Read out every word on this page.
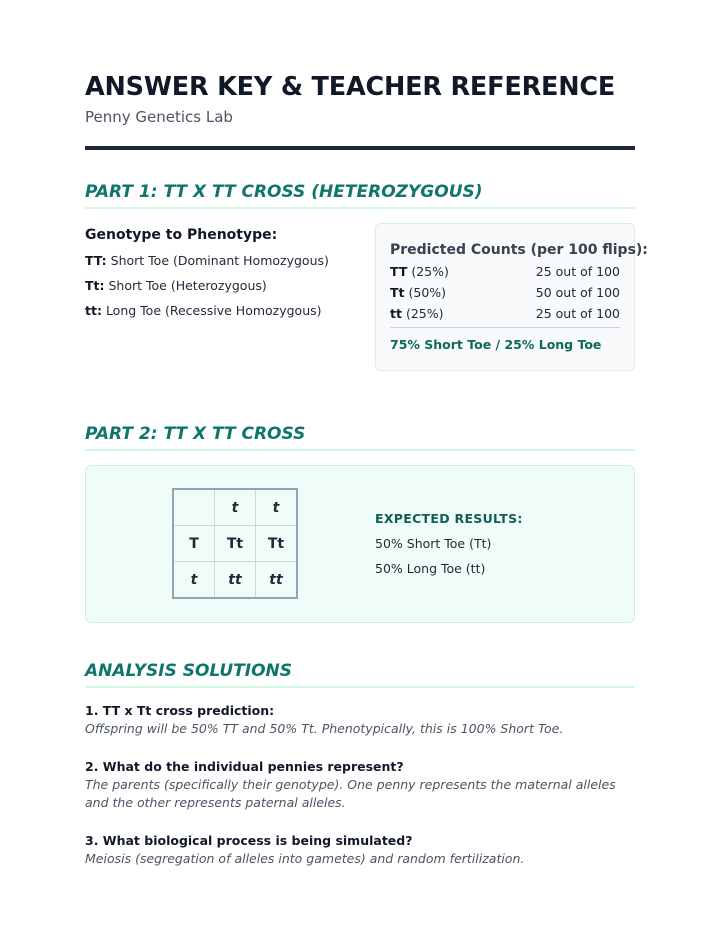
ANSWER KEY & TEACHER REFERENCE
Penny Genetics Lab
PART 1: TT X TT CROSS (HETEROZYGOUS)
Genotype to Phenotype:
TT: Short Toe (Dominant Homozygous)
Tt: Short Toe (Heterozygous)
tt: Long Toe (Recessive Homozygous)
Predicted Counts (per 100 flips):
TT (25%)	25 out of 100
Tt (50%)	50 out of 100
tt (25%)	25 out of 100
75% Short Toe / 25% Long Toe
PART 2: TT X TT CROSS
	t	t
T	Tt	Tt
t	tt	tt
EXPECTED RESULTS:
50% Short Toe (Tt)
50% Long Toe (tt)
ANALYSIS SOLUTIONS
1. TT x Tt cross prediction:
Offspring will be 50% TT and 50% Tt. Phenotypically, this is 100% Short Toe.
2. What do the individual pennies represent?
The parents (specifically their genotype). One penny represents the maternal alleles and the other represents paternal alleles.
3. What biological process is being simulated?
Meiosis (segregation of alleles into gametes) and random fertilization.
